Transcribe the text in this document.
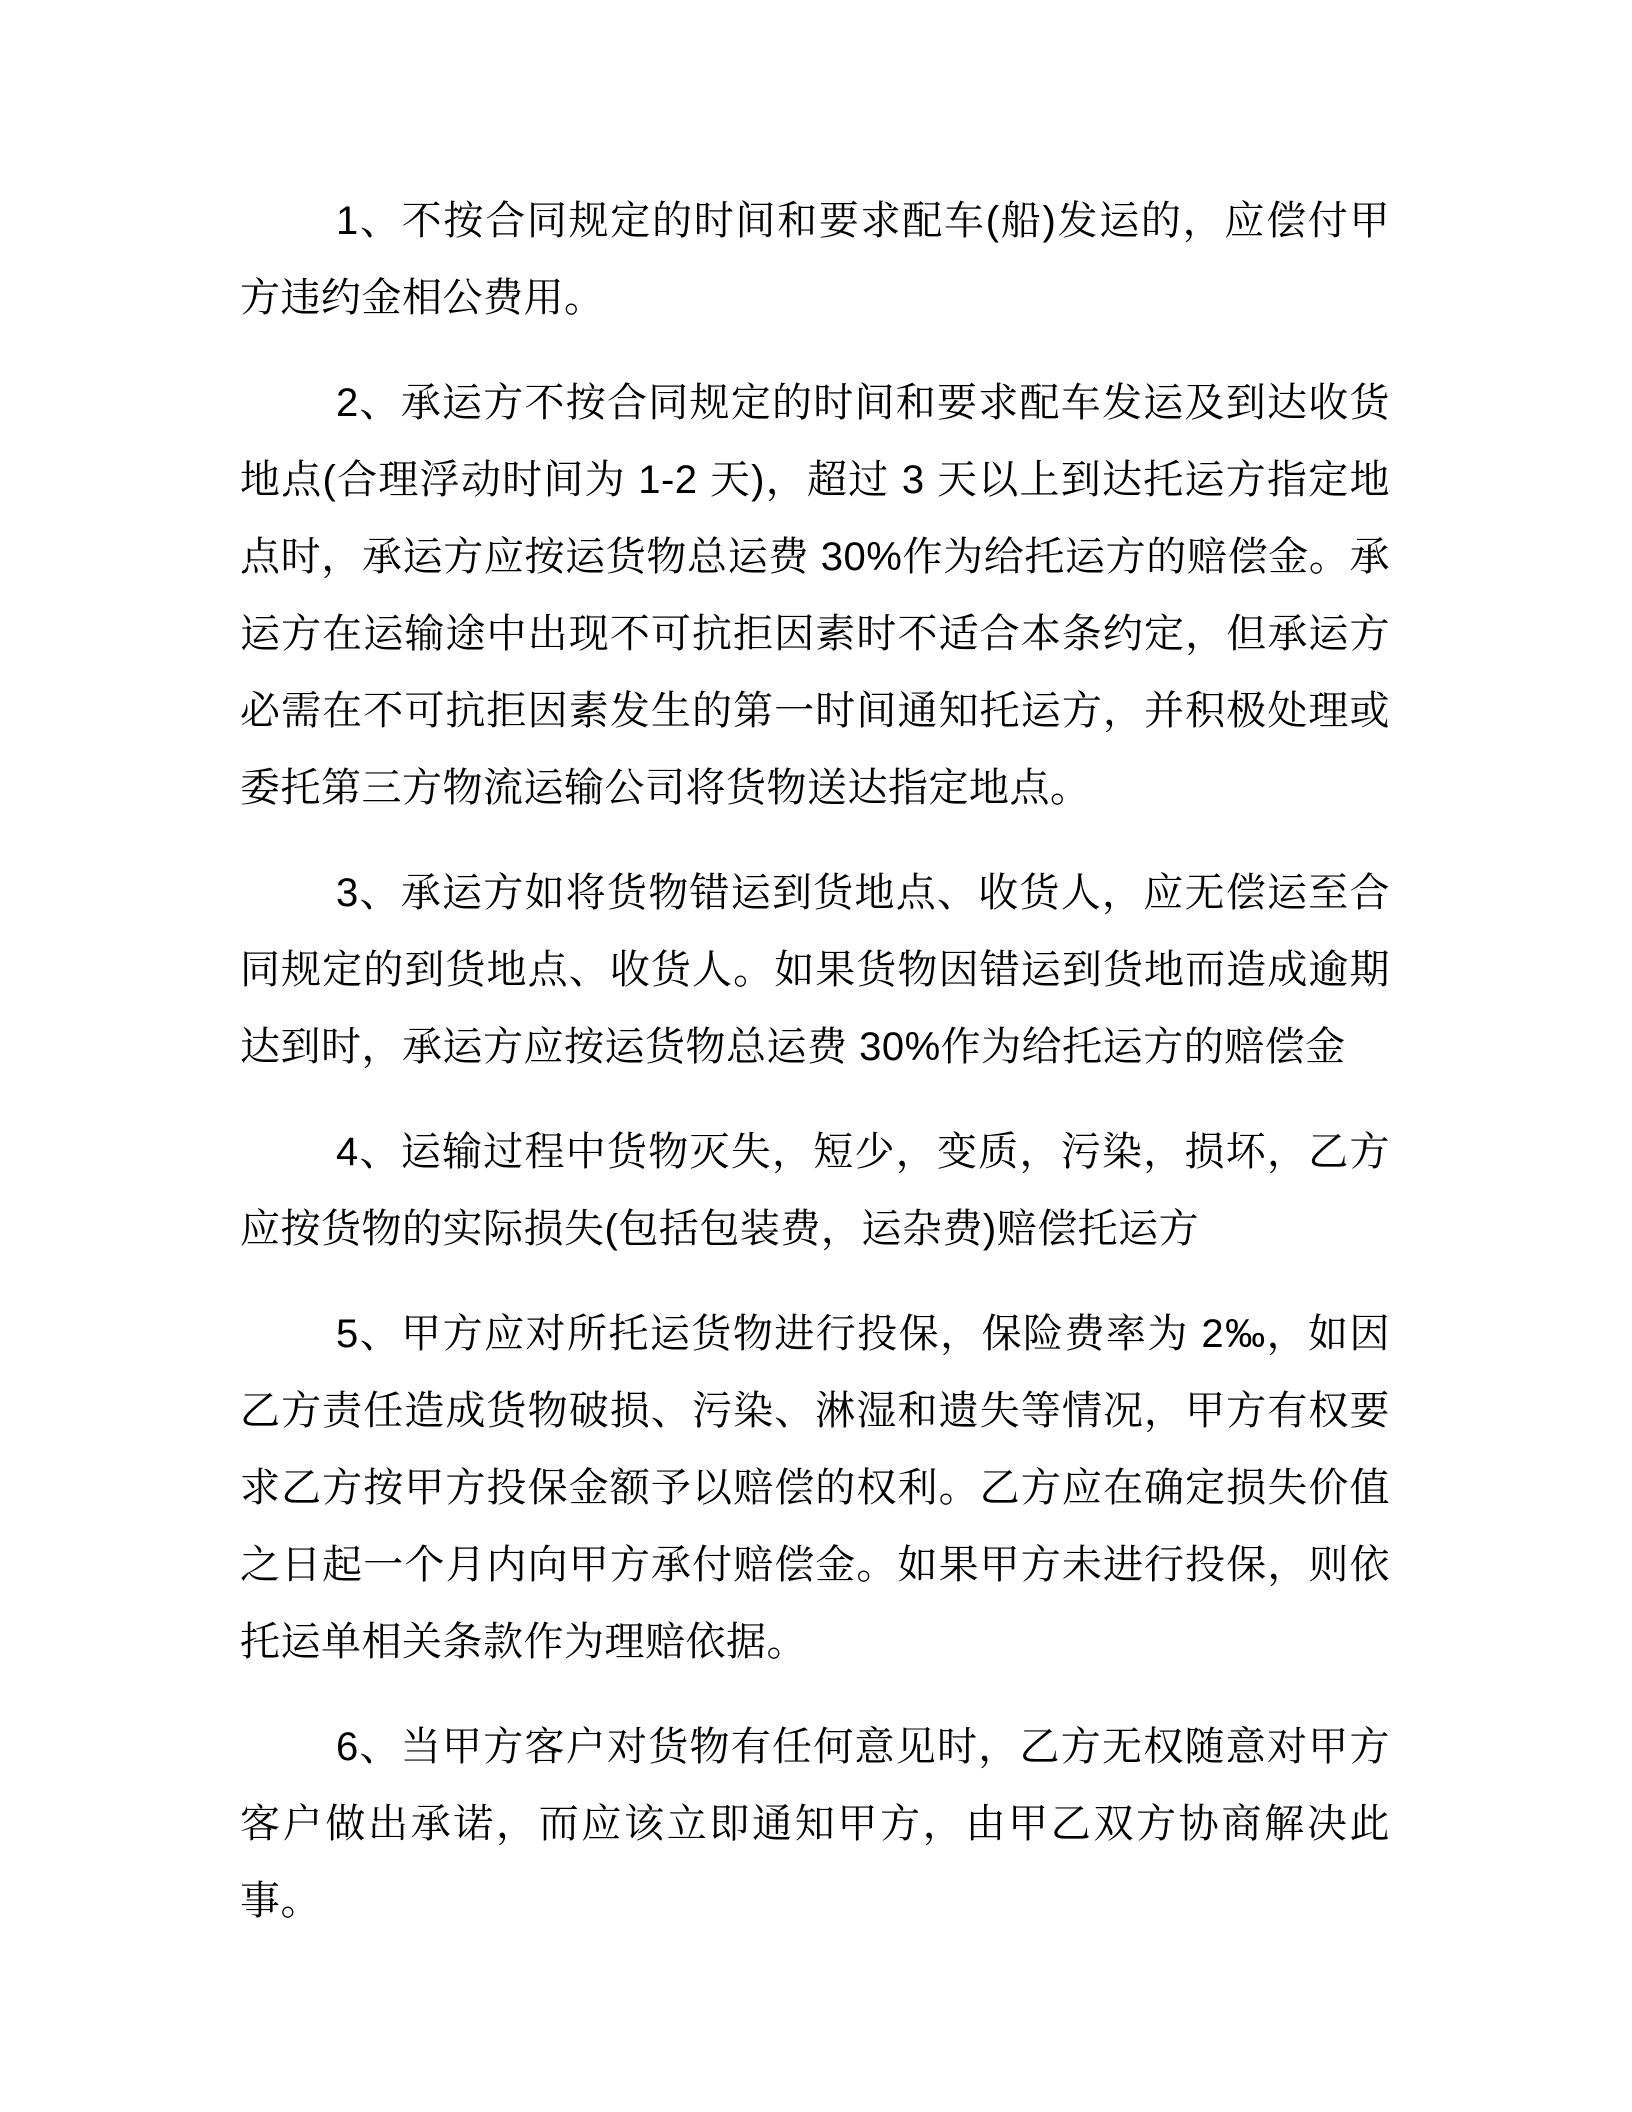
1、不按合同规定的时间和要求配车(船)发运的，应偿付甲方违约金相公费用。

2、承运方不按合同规定的时间和要求配车发运及到达收货地点(合理浮动时间为 1-2 天)，超过 3 天以上到达托运方指定地点时，承运方应按运货物总运费 30%作为给托运方的赔偿金。承运方在运输途中出现不可抗拒因素时不适合本条约定，但承运方必需在不可抗拒因素发生的第一时间通知托运方，并积极处理或委托第三方物流运输公司将货物送达指定地点。

3、承运方如将货物错运到货地点、收货人，应无偿运至合同规定的到货地点、收货人。如果货物因错运到货地而造成逾期达到时，承运方应按运货物总运费 30%作为给托运方的赔偿金

4、运输过程中货物灭失，短少，变质，污染，损坏，乙方应按货物的实际损失(包括包装费，运杂费)赔偿托运方

5、甲方应对所托运货物进行投保，保险费率为 2‰，如因乙方责任造成货物破损、污染、淋湿和遗失等情况，甲方有权要求乙方按甲方投保金额予以赔偿的权利。乙方应在确定损失价值之日起一个月内向甲方承付赔偿金。如果甲方未进行投保，则依托运单相关条款作为理赔依据。

6、当甲方客户对货物有任何意见时，乙方无权随意对甲方客户做出承诺，而应该立即通知甲方，由甲乙双方协商解决此事。
